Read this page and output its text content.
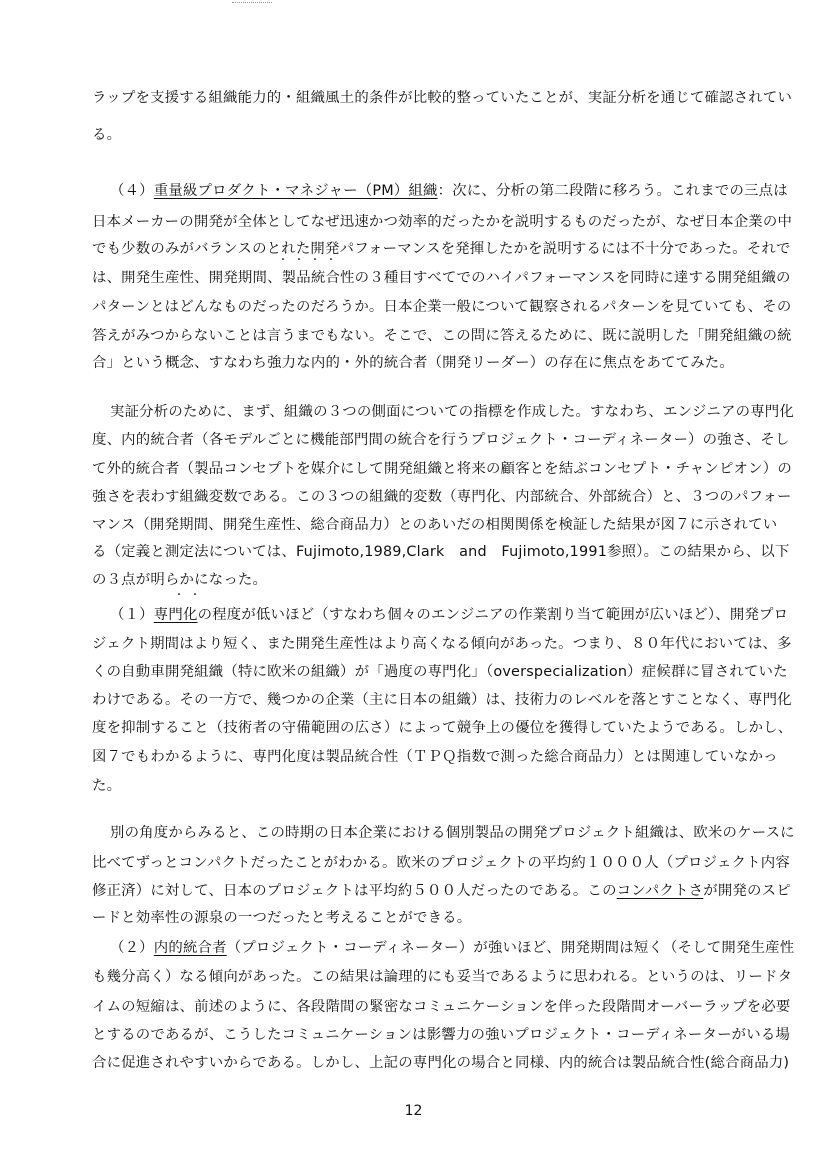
ラップを支援する組織能力的・組織風土的条件が比較的整っていたことが、実証分析を通じて確認されてい
る。
（４）重量級プロダクト・マネジャー（PM）組織：次に、分析の第二段階に移ろう。これまでの三点は
日本メーカーの開発が全体としてなぜ迅速かつ効率的だったかを説明するものだったが、なぜ日本企業の中
でも少数のみがバランスのとれた開発パフォーマンスを発揮したかを説明するには不十分であった。それで
・・・・
は、開発生産性、開発期間、製品統合性の３種目すべてでのハイパフォーマンスを同時に達する開発組織の
パターンとはどんなものだったのだろうか。日本企業一般について観察されるパターンを見ていても、その
答えがみつからないことは言うまでもない。そこで、この問に答えるために、既に説明した「開発組織の統
合」という概念、すなわち強力な内的・外的統合者（開発リーダー）の存在に焦点をあててみた。
実証分析のために、まず、組織の３つの側面についての指標を作成した。すなわち、エンジニアの専門化
度、内的統合者（各モデルごとに機能部門間の統合を行うプロジェクト・コーディネーター）の強さ、そし
て外的統合者（製品コンセプトを媒介にして開発組織と将来の顧客とを結ぶコンセプト・チャンピオン）の
強さを表わす組織変数である。この３つの組織的変数（専門化、内部統合、外部統合）と、３つのパフォー
マンス（開発期間、開発生産性、総合商品力）とのあいだの相関関係を検証した結果が図７に示されてい
る（定義と測定法については、Fujimoto,1989,Clark　and　Fujimoto,1991参照）。この結果から、以下
の３点が明らかになった。
・・
（１）専門化の程度が低いほど（すなわち個々のエンジニアの作業割り当て範囲が広いほど）、開発プロ
ジェクト期間はより短く、また開発生産性はより高くなる傾向があった。つまり、８０年代においては、多
くの自動車開発組織（特に欧米の組織）が「過度の専門化」（overspecialization）症候群に冒されていた
わけである。その一方で、幾つかの企業（主に日本の組織）は、技術力のレベルを落とすことなく、専門化
度を抑制すること（技術者の守備範囲の広さ）によって競争上の優位を獲得していたようである。しかし、
図７でもわかるように、専門化度は製品統合性（ＴＰＱ指数で測った総合商品力）とは関連していなかっ
た。
別の角度からみると、この時期の日本企業における個別製品の開発プロジェクト組織は、欧米のケースに
比べてずっとコンパクトだったことがわかる。欧米のプロジェクトの平均約１０００人（プロジェクト内容
修正済）に対して、日本のプロジェクトは平均約５００人だったのである。このコンパクトさが開発のスピ
ードと効率性の源泉の一つだったと考えることができる。
（２）内的統合者（プロジェクト・コーディネーター）が強いほど、開発期間は短く（そして開発生産性
も幾分高く）なる傾向があった。この結果は論理的にも妥当であるように思われる。というのは、リードタ
イムの短縮は、前述のように、各段階間の緊密なコミュニケーションを伴った段階間オーバーラップを必要
とするのであるが、こうしたコミュニケーションは影響力の強いプロジェクト・コーディネーターがいる場
合に促進されやすいからである。しかし、上記の専門化の場合と同様、内的統合は製品統合性(総合商品力)
12
